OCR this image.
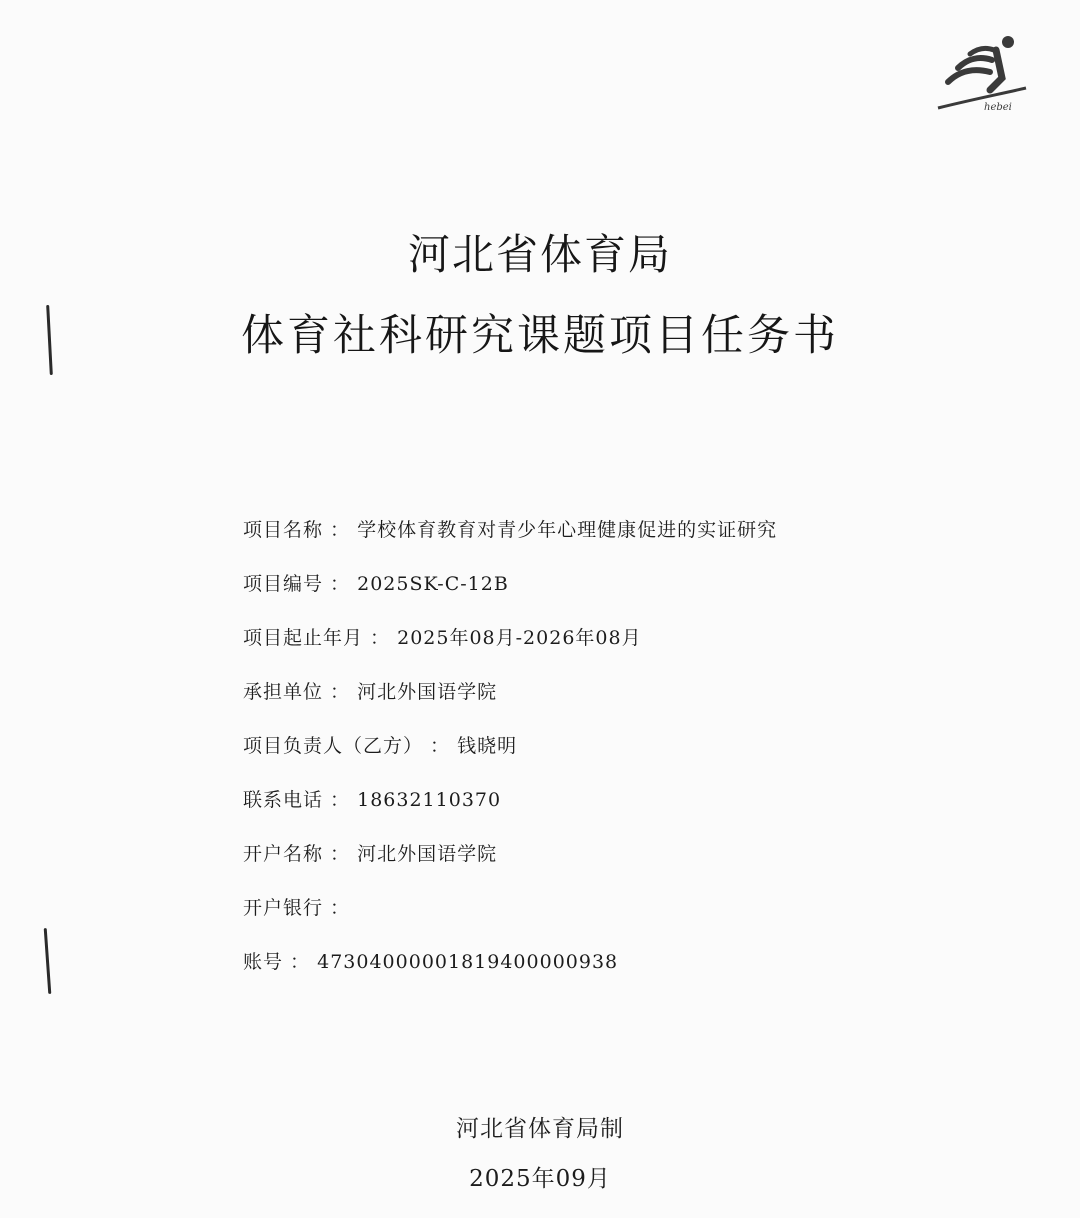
hebei
河北省体育局
体育社科研究课题项目任务书
项目名称 ： 学校体育教育对青少年心理健康促进的实证研究
项目编号 ： 2025SK-C-12B
项目起止年月 ： 2025年08月-2026年08月
承担单位 ： 河北外国语学院
项目负责人（乙方） ： 钱晓明
联系电话 ： 18632110370
开户名称 ： 河北外国语学院
开户银行 ：
账号 ： 47304000001819400000938
河北省体育局制
2025年09月
